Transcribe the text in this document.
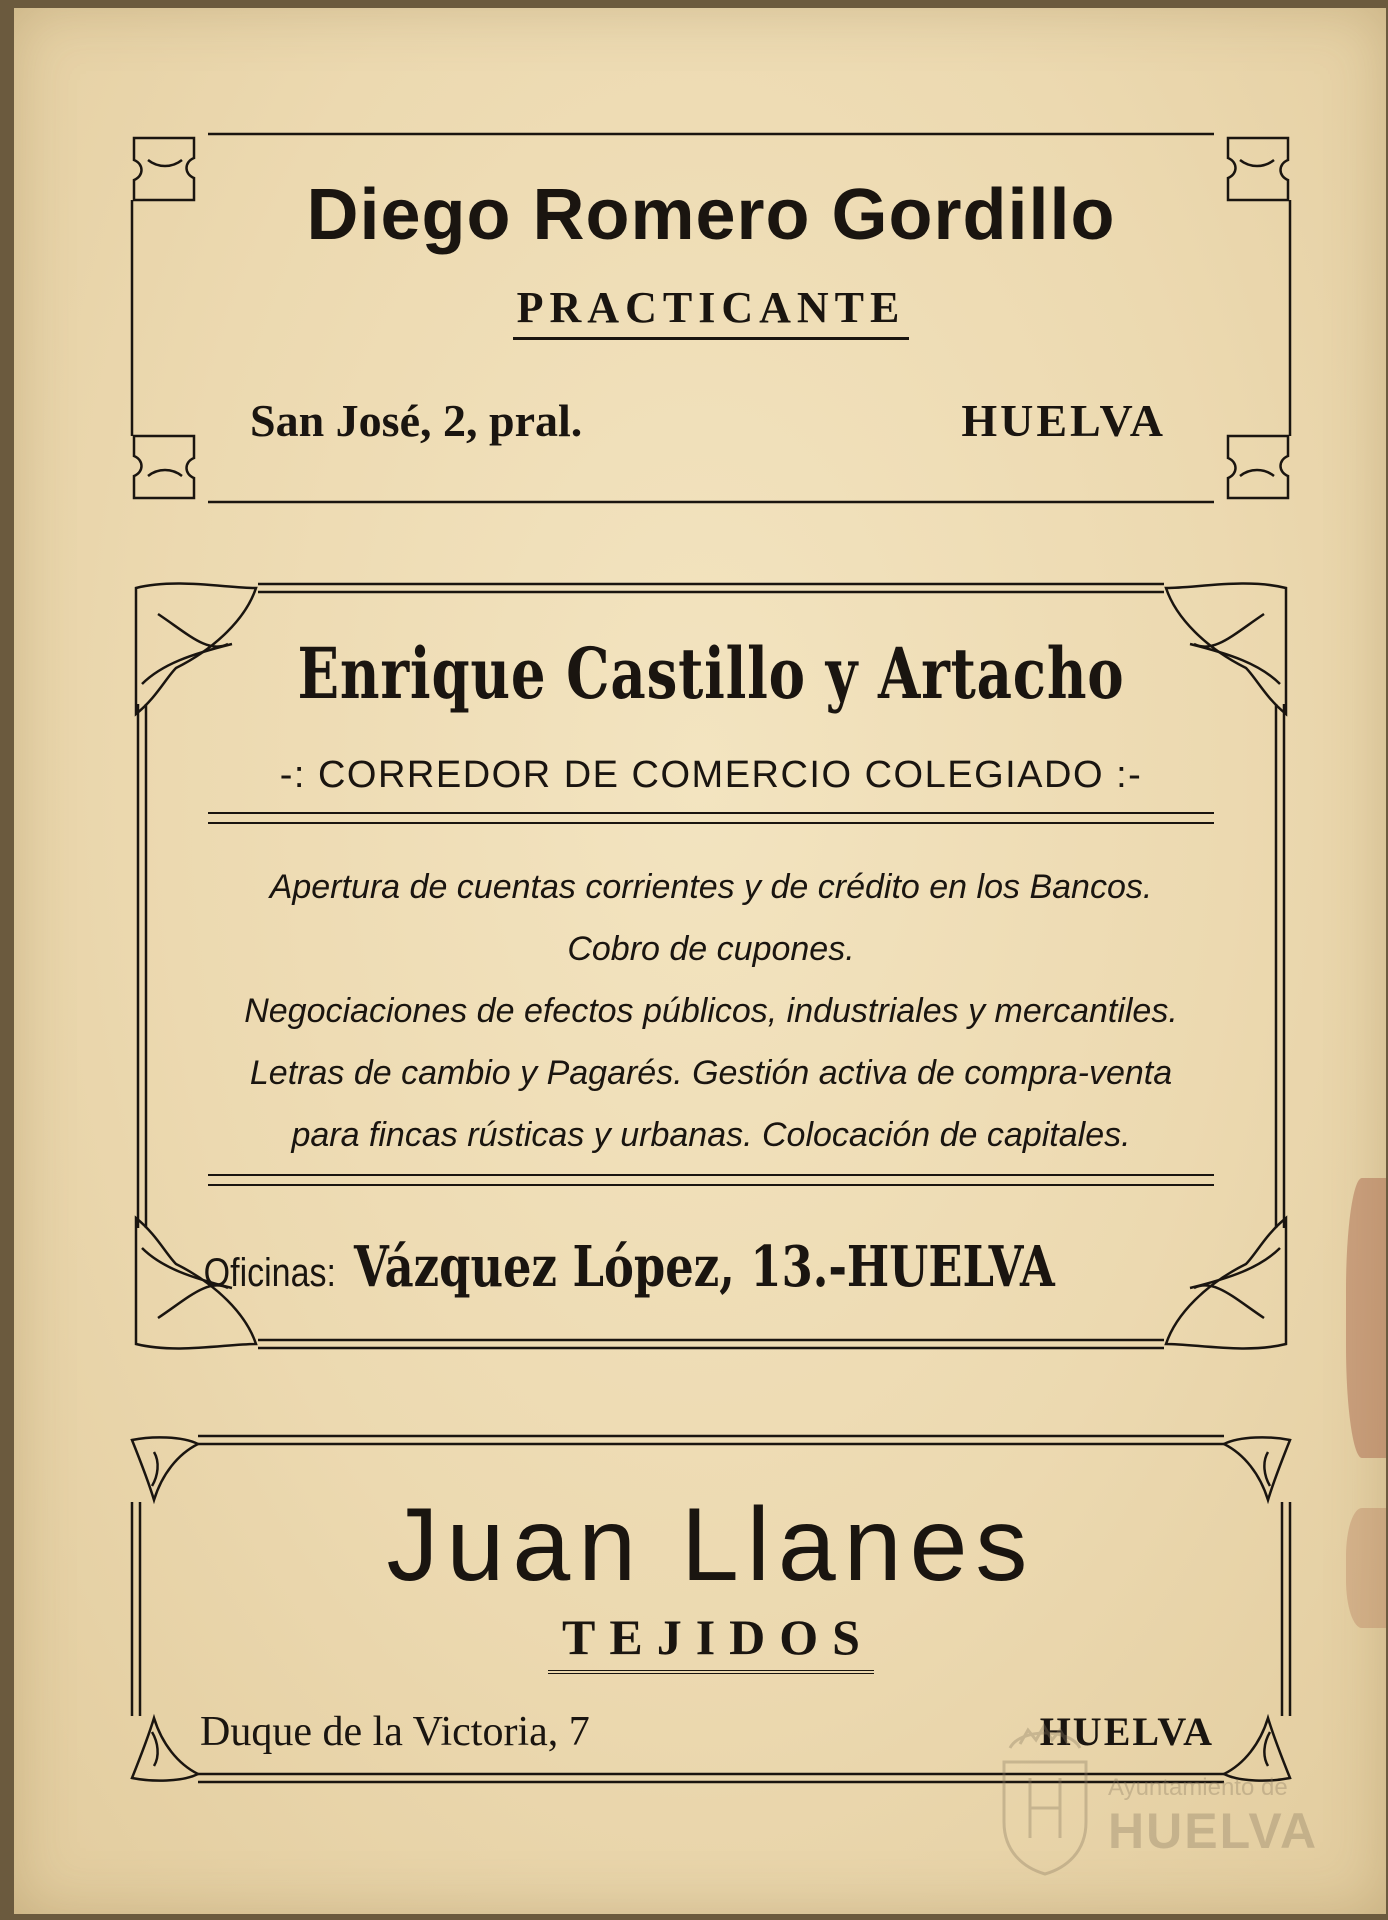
Diego Romero Gordillo
PRACTICANTE
San José, 2, pral.	HUELVA
Enrique Castillo y Artacho
-: CORREDOR DE COMERCIO COLEGIADO :-
Apertura de cuentas corrientes y de crédito en los Bancos.
Cobro de cupones.
Negociaciones de efectos públicos, industriales y mercantiles.
Letras de cambio y Pagarés. Gestión activa de compra-venta
para fincas rústicas y urbanas. Colocación de capitales.
Oficinas: Vázquez López, 13.-HUELVA
Juan Llanes
TEJIDOS
Duque de la Victoria, 7	HUELVA
Ayuntamiento de
HUELVA
